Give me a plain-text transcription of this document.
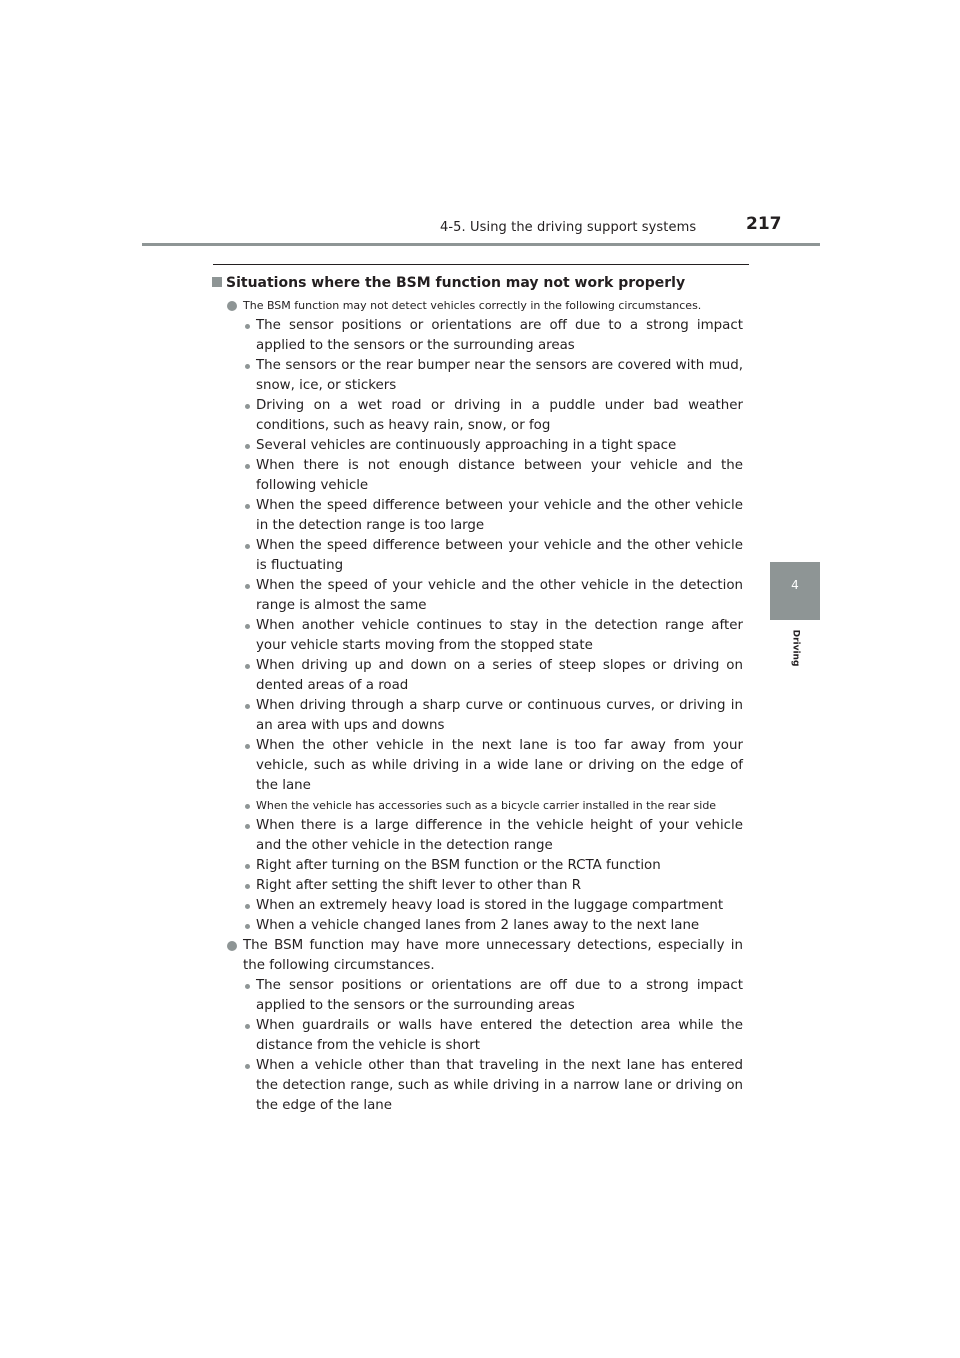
4-5. Using the driving support systems	217
4
Driving
Situations where the BSM function may not work properly
The BSM function may not detect vehicles correctly in the following circumstances.
The sensor positions or orientations are off due to a strong impact applied to the sensors or the surrounding areas
The sensors or the rear bumper near the sensors are covered with mud, snow, ice, or stickers
Driving on a wet road or driving in a puddle under bad weather conditions, such as heavy rain, snow, or fog
Several vehicles are continuously approaching in a tight space
When there is not enough distance between your vehicle and the following vehicle
When the speed difference between your vehicle and the other vehicle in the detection range is too large
When the speed difference between your vehicle and the other vehicle is fluctuating
When the speed of your vehicle and the other vehicle in the detection range is almost the same
When another vehicle continues to stay in the detection range after your vehicle starts moving from the stopped state
When driving up and down on a series of steep slopes or driving on dented areas of a road
When driving through a sharp curve or continuous curves, or driving in an area with ups and downs
When the other vehicle in the next lane is too far away from your vehicle, such as while driving in a wide lane or driving on the edge of the lane
When the vehicle has accessories such as a bicycle carrier installed in the rear side
When there is a large difference in the vehicle height of your vehicle and the other vehicle in the detection range
Right after turning on the BSM function or the RCTA function
Right after setting the shift lever to other than R
When an extremely heavy load is stored in the luggage compartment
When a vehicle changed lanes from 2 lanes away to the next lane
The BSM function may have more unnecessary detections, especially in the following circumstances.
The sensor positions or orientations are off due to a strong impact applied to the sensors or the surrounding areas
When guardrails or walls have entered the detection area while the distance from the vehicle is short
When a vehicle other than that traveling in the next lane has entered the detection range, such as while driving in a narrow lane or driving on the edge of the lane
